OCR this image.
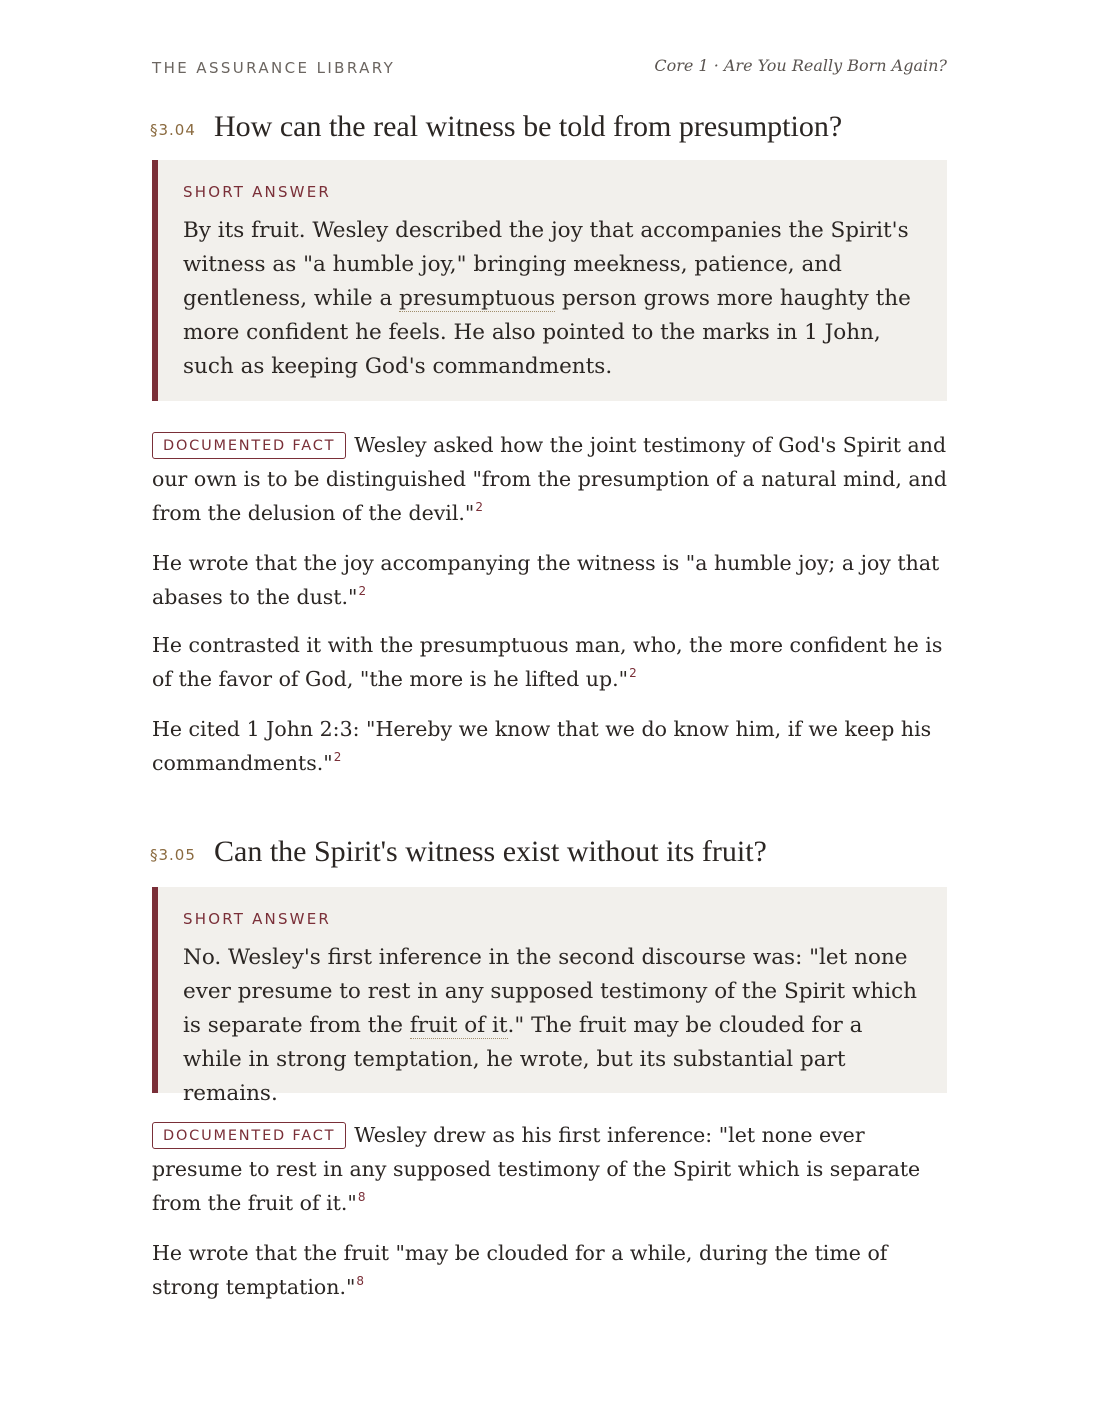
THE ASSURANCE LIBRARY	Core 1 · Are You Really Born Again?
§3.04 How can the real witness be told from presumption?
SHORT ANSWER
By its fruit. Wesley described the joy that accompanies the Spirit's witness as "a humble joy," bringing meekness, patience, and gentleness, while a presumptuous person grows more haughty the more confident he feels. He also pointed to the marks in 1 John, such as keeping God's commandments.

DOCUMENTED FACT Wesley asked how the joint testimony of God's Spirit and our own is to be distinguished "from the presumption of a natural mind, and from the delusion of the devil."$^2$

He wrote that the joy accompanying the witness is "a humble joy; a joy that abases to the dust."$^2$

He contrasted it with the presumptuous man, who, the more confident he is of the favor of God, "the more is he lifted up."$^2$

He cited 1 John 2:3: "Hereby we know that we do know him, if we keep his commandments."$^2$

§3.05 Can the Spirit's witness exist without its fruit?
SHORT ANSWER
No. Wesley's first inference in the second discourse was: "let none ever presume to rest in any supposed testimony of the Spirit which is separate from the fruit of it." The fruit may be clouded for a while in strong temptation, he wrote, but its substantial part remains.

DOCUMENTED FACT Wesley drew as his first inference: "let none ever presume to rest in any supposed testimony of the Spirit which is separate from the fruit of it."$^8$

He wrote that the fruit "may be clouded for a while, during the time of strong temptation."$^8$
